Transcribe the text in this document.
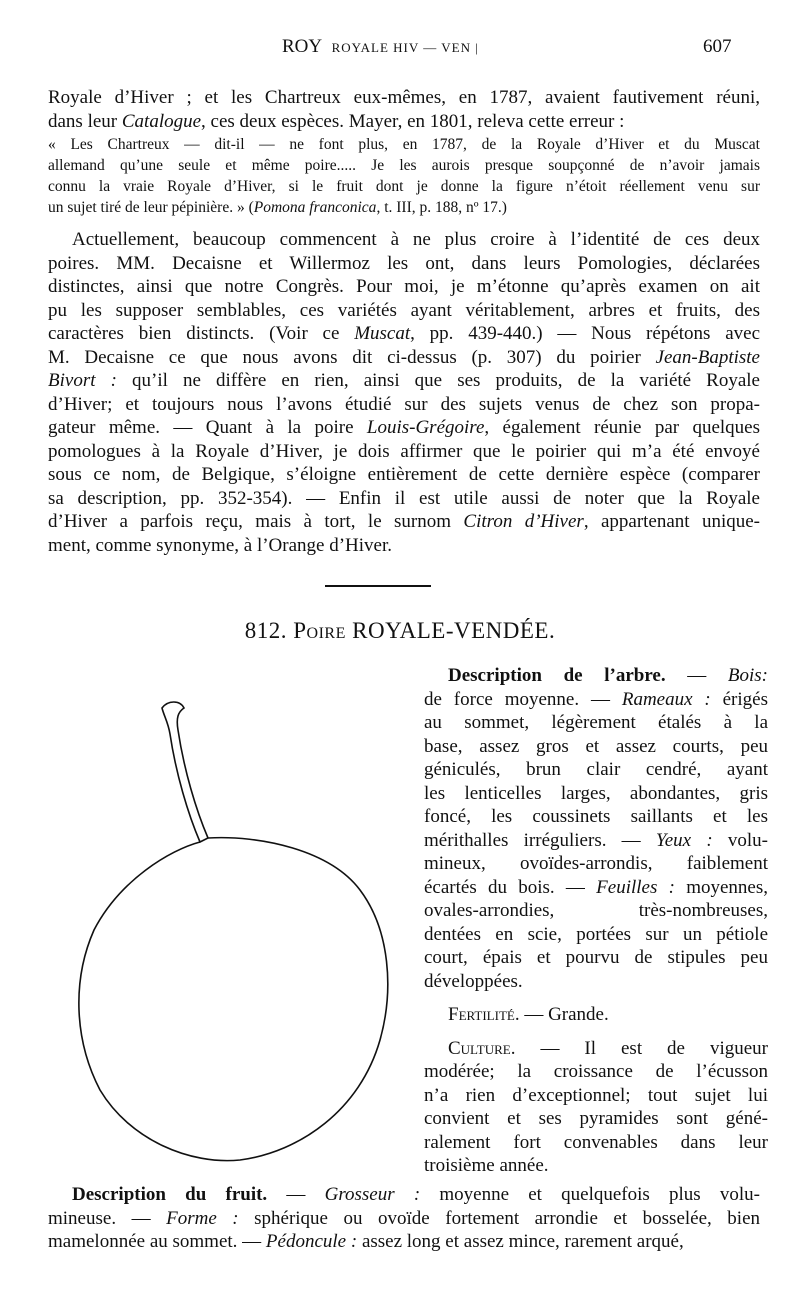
ROY ROYALE HIV — VEN |	607
Royale d’Hiver ; et les Chartreux eux-mêmes, en 1787, avaient fautivement réuni,
dans leur Catalogue, ces deux espèces. Mayer, en 1801, releva cette erreur :
« Les Chartreux — dit-il — ne font plus, en 1787, de la Royale d’Hiver et du Muscat
allemand qu’une seule et même poire..... Je les aurois presque soupçonné de n’avoir jamais
connu la vraie Royale d’Hiver, si le fruit dont je donne la figure n’étoit réellement venu sur
un sujet tiré de leur pépinière. » (Pomona franconica, t. III, p. 188, nº 17.)
Actuellement, beaucoup commencent à ne plus croire à l’identité de ces deux
poires. MM. Decaisne et Willermoz les ont, dans leurs Pomologies, déclarées
distinctes, ainsi que notre Congrès. Pour moi, je m’étonne qu’après examen on ait
pu les supposer semblables, ces variétés ayant véritablement, arbres et fruits, des
caractères bien distincts. (Voir ce Muscat, pp. 439-440.) — Nous répétons avec
M. Decaisne ce que nous avons dit ci-dessus (p. 307) du poirier Jean-Baptiste
Bivort : qu’il ne diffère en rien, ainsi que ses produits, de la variété Royale
d’Hiver; et toujours nous l’avons étudié sur des sujets venus de chez son propa-
gateur même. — Quant à la poire Louis-Grégoire, également réunie par quelques
pomologues à la Royale d’Hiver, je dois affirmer que le poirier qui m’a été envoyé
sous ce nom, de Belgique, s’éloigne entièrement de cette dernière espèce (comparer
sa description, pp. 352-354). — Enfin il est utile aussi de noter que la Royale
d’Hiver a parfois reçu, mais à tort, le surnom Citron d’Hiver, appartenant unique-
ment, comme synonyme, à l’Orange d’Hiver.
812. Poire ROYALE-VENDÉE.
Description de l’arbre. — Bois:
de force moyenne. — Rameaux : érigés
au sommet, légèrement étalés à la
base, assez gros et assez courts, peu
géniculés, brun clair cendré, ayant
les lenticelles larges, abondantes, gris
foncé, les coussinets saillants et les
mérithalles irréguliers. — Yeux : volu-
mineux, ovoïdes-arrondis, faiblement
écartés du bois. — Feuilles : moyennes,
ovales-arrondies, très-nombreuses,
dentées en scie, portées sur un pétiole
court, épais et pourvu de stipules peu
développées.
Fertilité. — Grande.
Culture. — Il est de vigueur
modérée; la croissance de l’écusson
n’a rien d’exceptionnel; tout sujet lui
convient et ses pyramides sont géné-
ralement fort convenables dans leur
troisième année.
Description du fruit. — Grosseur : moyenne et quelquefois plus volu-
mineuse. — Forme : sphérique ou ovoïde fortement arrondie et bosselée, bien
mamelonnée au sommet. — Pédoncule : assez long et assez mince, rarement arqué,
